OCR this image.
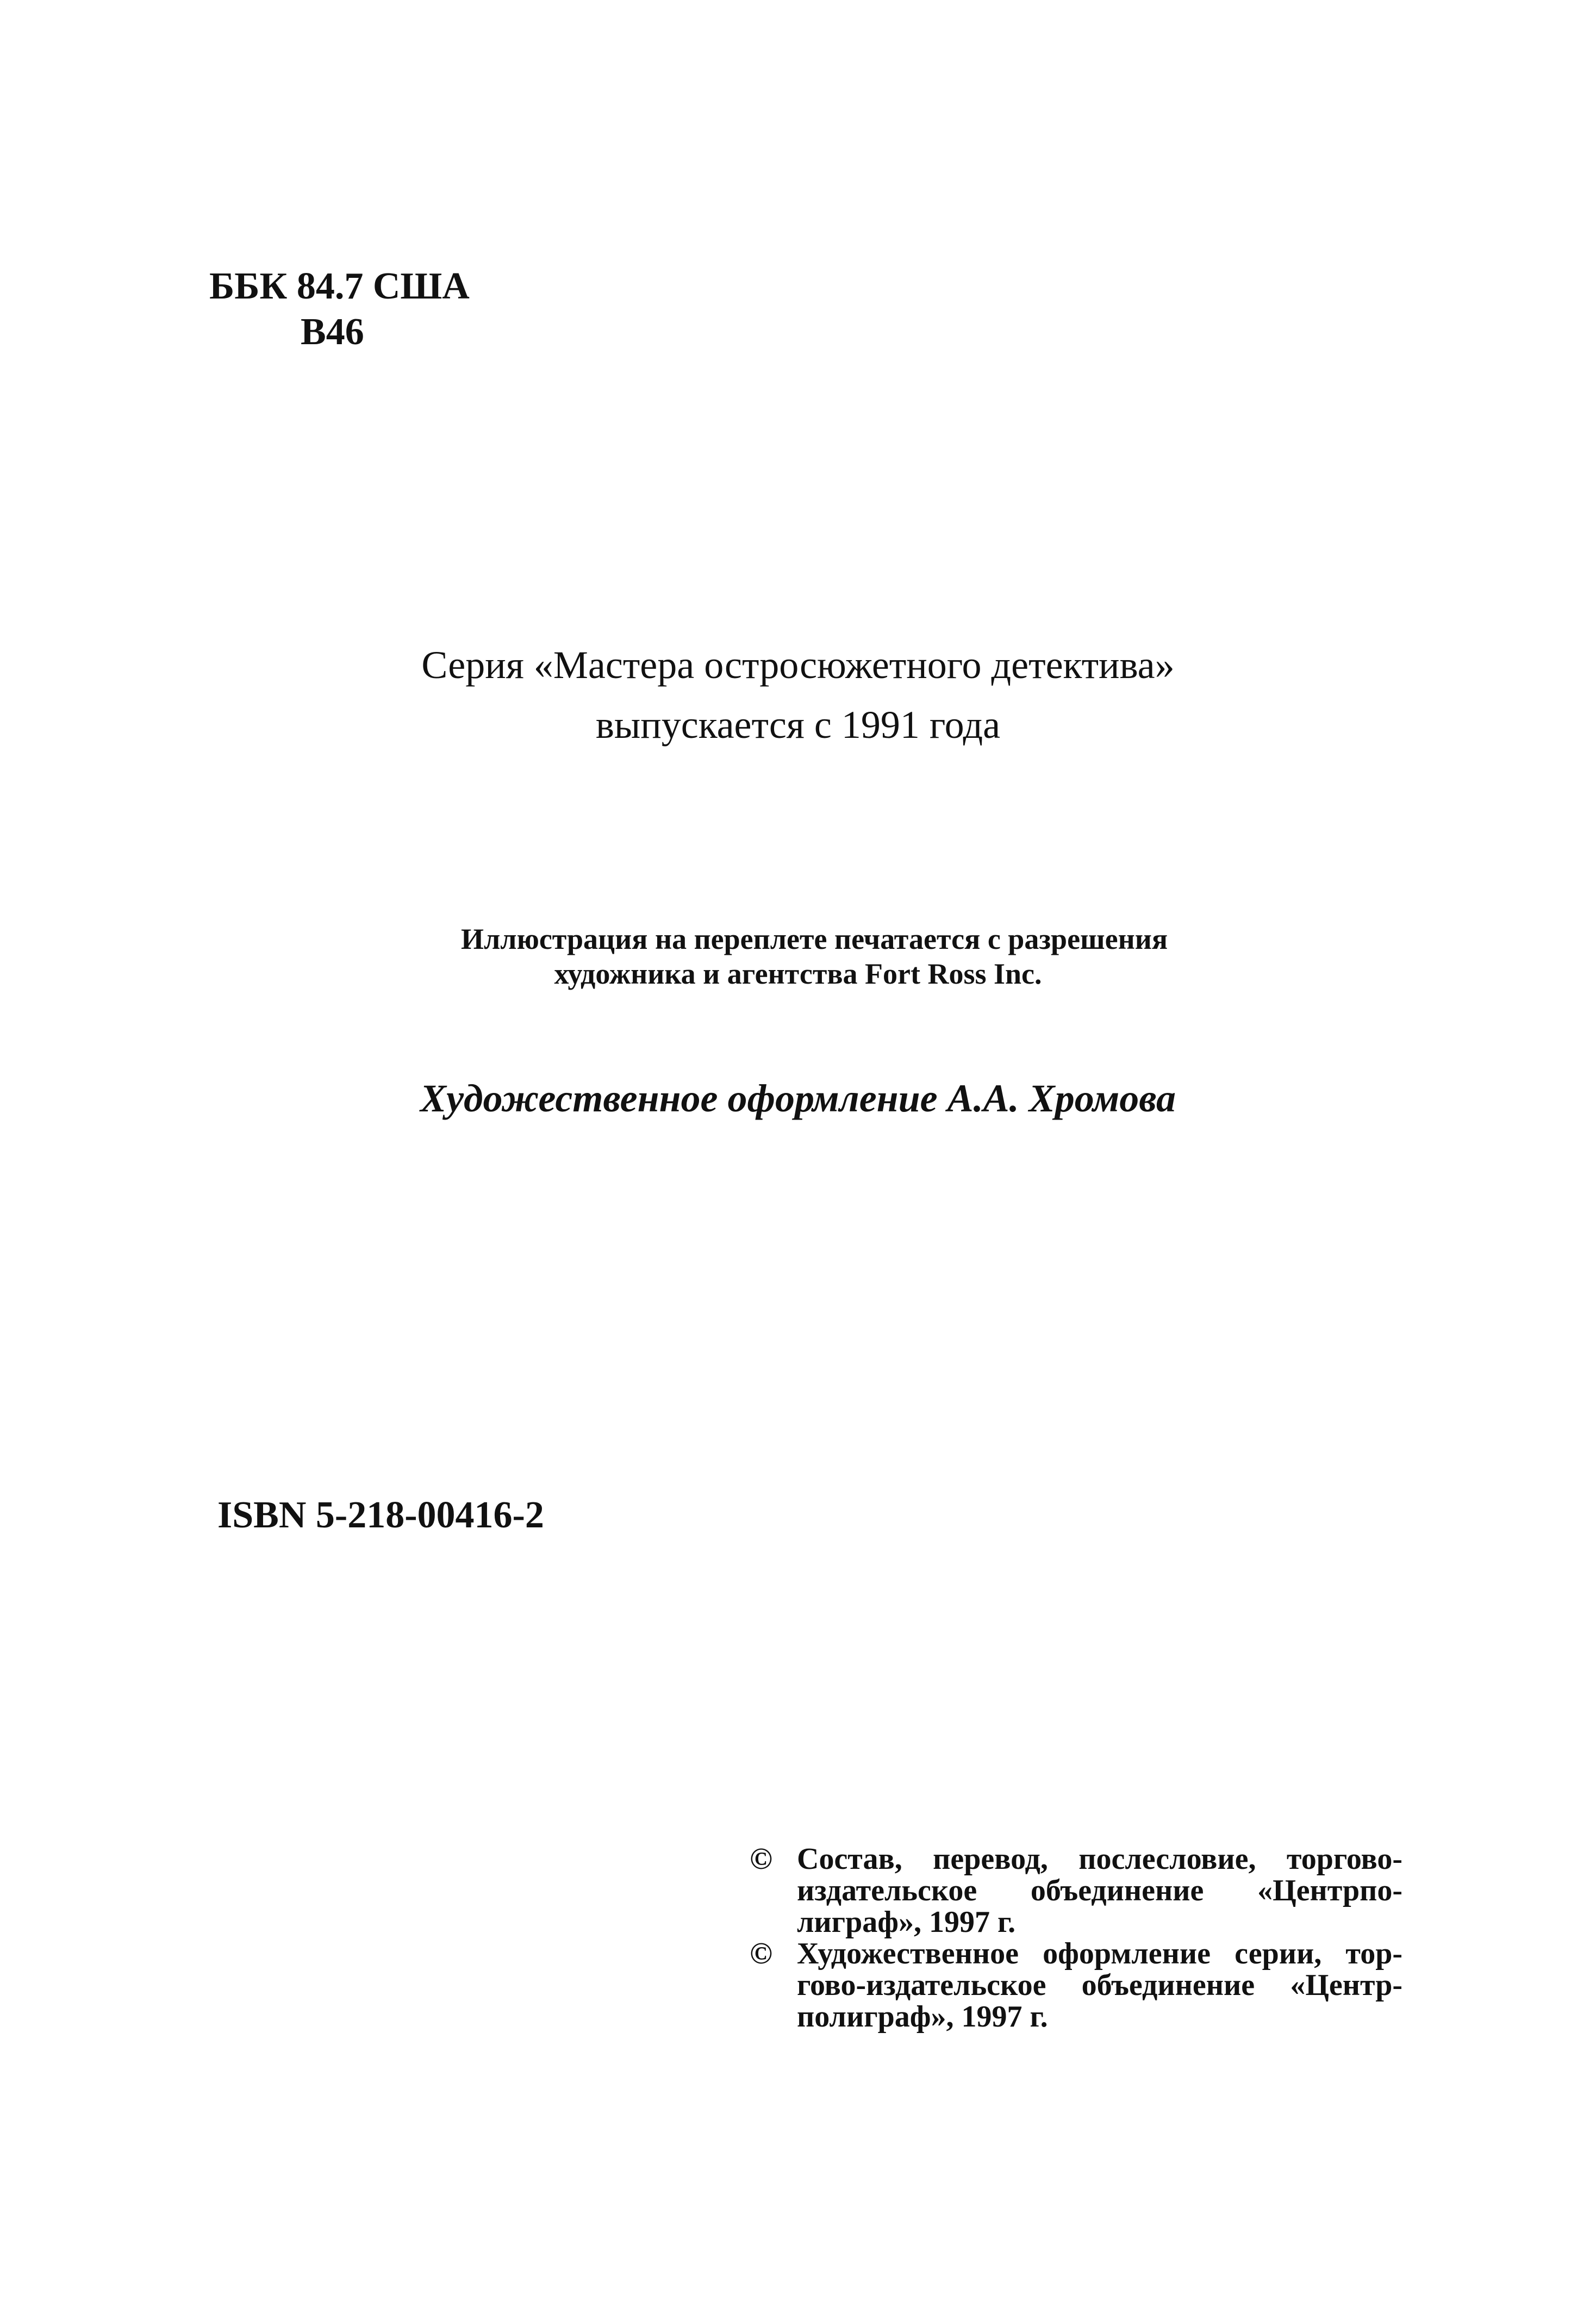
ББК 84.7 США
В46
Серия «Мастера остросюжетного детектива»
выпускается с 1991 года
Иллюстрация на переплете печатается с разрешения
художника и агентства Fort Ross Inc.
Художественное оформление А.А. Хромова
ISBN 5-218-00416-2
© Состав, перевод, послесловие, торгово-
издательское объединение «Центрпо-
лиграф», 1997 г.
© Художественное оформление серии, тор-
гово-издательское объединение «Центр-
полиграф», 1997 г.
